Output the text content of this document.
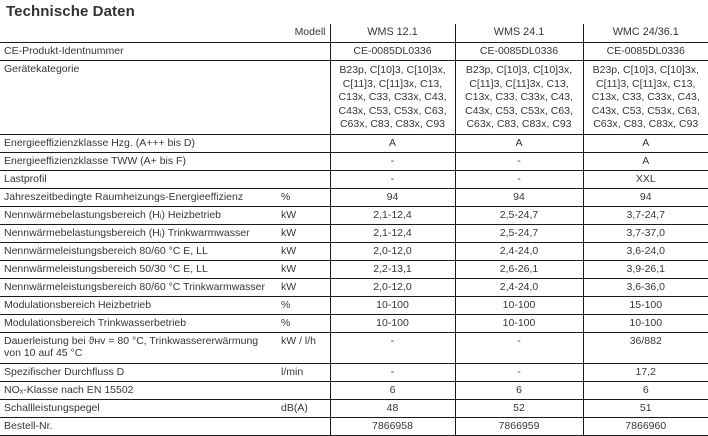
Technische Daten
Modell		WMS 12.1	WMS 24.1	WMC 24/36.1
CE-Produkt-Identnummer		CE-0085DL0336	CE-0085DL0336	CE-0085DL0336
Gerätekategorie		B23p, C[10]3, C[10]3x, C[11]3, C[11]3x, C13, C13x, C33, C33x, C43, C43x, C53, C53x, C63, C63x, C83, C83x, C93	B23p, C[10]3, C[10]3x, C[11]3, C[11]3x, C13, C13x, C33, C33x, C43, C43x, C53, C53x, C63, C63x, C83, C83x, C93	B23p, C[10]3, C[10]3x, C[11]3, C[11]3x, C13, C13x, C33, C33x, C43, C43x, C53, C53x, C63, C63x, C83, C83x, C93
Energieeffizienzklasse Hzg. (A+++ bis D)		A	A	A
Energieeffizienzklasse TWW (A+ bis F)		-	-	A
Lastprofil		-	-	XXL
Jahreszeitbedingte Raumheizungs-Energieeffizienz	%	94	94	94
Nennwärmebelastungsbereich (Hᵢ) Heizbetrieb	kW	2,1-12,4	2,5-24,7	3,7-24,7
Nennwärmebelastungsbereich (Hᵢ) Trinkwarmwasser	kW	2,1-12,4	2,5-24,7	3,7-37,0
Nennwärmeleistungsbereich 80/60 °C E, LL	kW	2,0-12,0	2,4-24,0	3,6-24,0
Nennwärmeleistungsbereich 50/30 °C E, LL	kW	2,2-13,1	2,6-26,1	3,9-26,1
Nennwärmeleistungsbereich 80/60 °C Trinkwarmwasser	kW	2,0-12,0	2,4-24,0	3,6-36,0
Modulationsbereich Heizbetrieb	%	10-100	10-100	15-100
Modulationsbereich Trinkwasserbetrieb	%	10-100	10-100	10-100
Dauerleistung bei ϑʜᴠ = 80 °C, Trinkwassererwärmung von 10 auf 45 °C	kW / l/h	-	-	36/882
Spezifischer Durchfluss D	l/min	-	-	17,2
NOₓ-Klasse nach EN 15502		6	6	6
Schallleistungspegel	dB(A)	48	52	51
Bestell-Nr.		7866958	7866959	7866960
